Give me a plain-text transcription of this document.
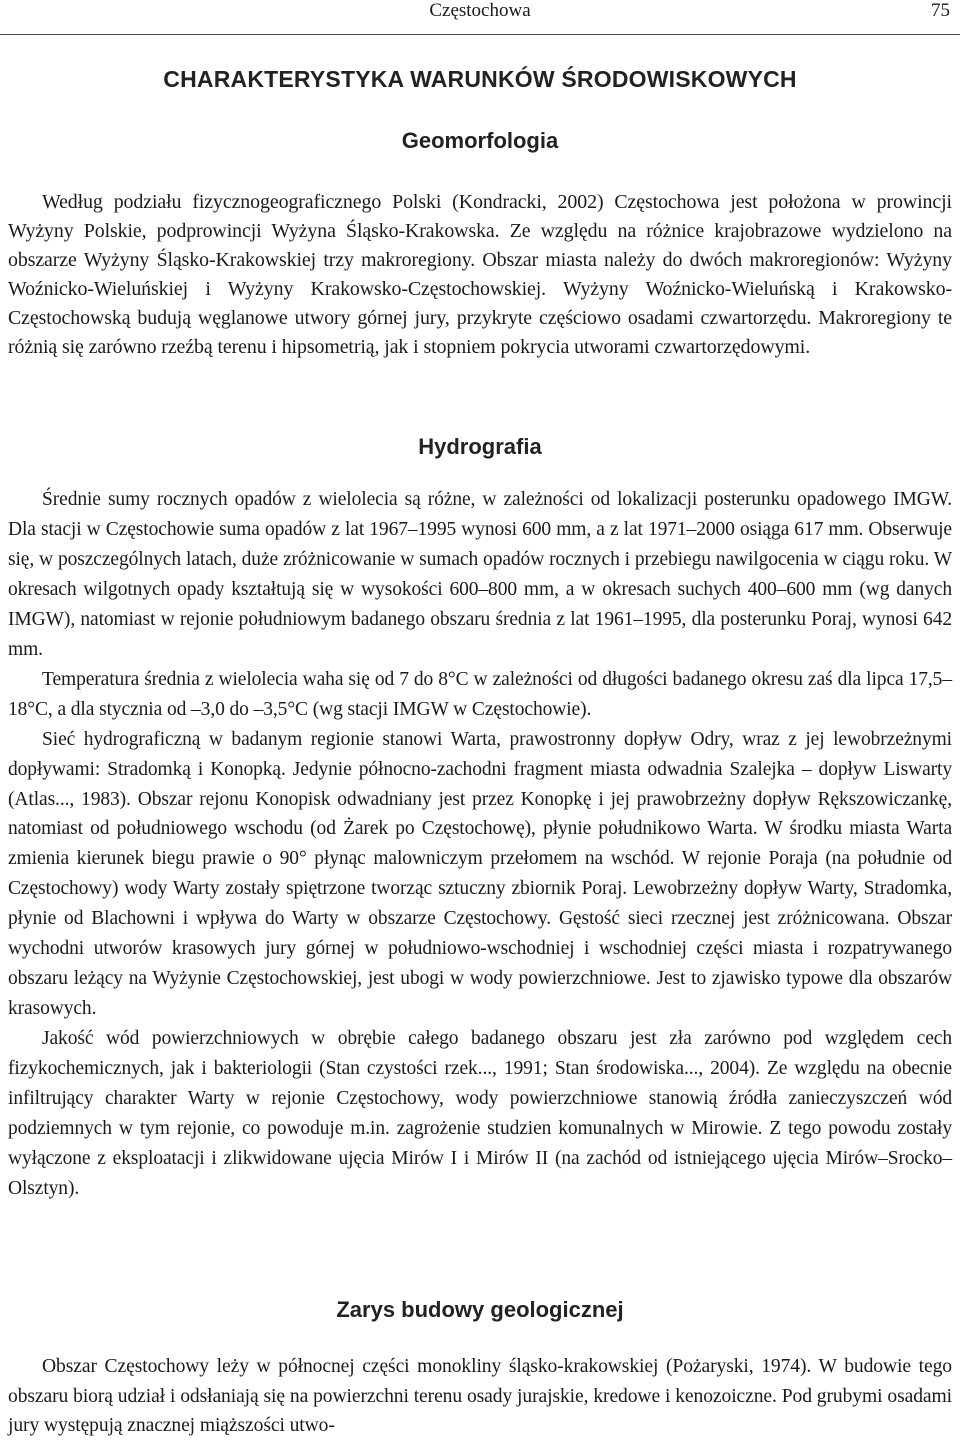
Częstochowa	75
CHARAKTERYSTYKA WARUNKÓW ŚRODOWISKOWYCH
Geomorfologia

Według podziału fizycznogeograficznego Polski (Kondracki, 2002) Częstochowa jest położona w prowincji Wyżyny Polskie, podprowincji Wyżyna Śląsko-Krakowska. Ze względu na różnice krajobrazowe wydzielono na obszarze Wyżyny Śląsko-Krakowskiej trzy makroregiony. Obszar miasta należy do dwóch makroregionów: Wyżyny Woźnicko-Wieluńskiej i Wyżyny Krakowsko-Częstochowskiej. Wyżyny Woźnicko-Wieluńską i Krakowsko-Częstochowską budują węglanowe utwory górnej jury, przykryte częściowo osadami czwartorzędu. Makroregiony te różnią się zarówno rzeźbą terenu i hipsometrią, jak i stopniem pokrycia utworami czwartorzędowymi.

Hydrografia

Średnie sumy rocznych opadów z wielolecia są różne, w zależności od lokalizacji posterunku opadowego IMGW. Dla stacji w Częstochowie suma opadów z lat 1967–1995 wynosi 600 mm, a z lat 1971–2000 osiąga 617 mm. Obserwuje się, w poszczególnych latach, duże zróżnicowanie w sumach opadów rocznych i przebiegu nawilgocenia w ciągu roku. W okresach wilgotnych opady kształtują się w wysokości 600–800 mm, a w okresach suchych 400–600 mm (wg danych IMGW), natomiast w rejonie południowym badanego obszaru średnia z lat 1961–1995, dla posterunku Poraj, wynosi 642 mm.

Temperatura średnia z wielolecia waha się od 7 do 8°C w zależności od długości badanego okresu zaś dla lipca 17,5–18°C, a dla stycznia od –3,0 do –3,5°C (wg stacji IMGW w Częstochowie).

Sieć hydrograficzną w badanym regionie stanowi Warta, prawostronny dopływ Odry, wraz z jej lewobrzeżnymi dopływami: Stradomką i Konopką. Jedynie północno-zachodni fragment miasta odwadnia Szalejka – dopływ Liswarty (Atlas..., 1983). Obszar rejonu Konopisk odwadniany jest przez Konopkę i jej prawobrzeżny dopływ Rększowiczankę, natomiast od południowego wschodu (od Żarek po Częstochowę), płynie południkowo Warta. W środku miasta Warta zmienia kierunek biegu prawie o 90° płynąc malowniczym przełomem na wschód. W rejonie Poraja (na południe od Częstochowy) wody Warty zostały spiętrzone tworząc sztuczny zbiornik Poraj. Lewobrzeżny dopływ Warty, Stradomka, płynie od Blachowni i wpływa do Warty w obszarze Częstochowy. Gęstość sieci rzecznej jest zróżnicowana. Obszar wychodni utworów krasowych jury górnej w południowo-wschodniej i wschodniej części miasta i rozpatrywanego obszaru leżący na Wyżynie Częstochowskiej, jest ubogi w wody powierzchniowe. Jest to zjawisko typowe dla obszarów krasowych.

Jakość wód powierzchniowych w obrębie całego badanego obszaru jest zła zarówno pod względem cech fizykochemicznych, jak i bakteriologii (Stan czystości rzek..., 1991; Stan środowiska..., 2004). Ze względu na obecnie infiltrujący charakter Warty w rejonie Częstochowy, wody powierzchniowe stanowią źródła zanieczyszczeń wód podziemnych w tym rejonie, co powoduje m.in. zagrożenie studzien komunalnych w Mirowie. Z tego powodu zostały wyłączone z eksploatacji i zlikwidowane ujęcia Mirów I i Mirów II (na zachód od istniejącego ujęcia Mirów–Srocko–Olsztyn).

Zarys budowy geologicznej

Obszar Częstochowy leży w północnej części monokliny śląsko-krakowskiej (Pożaryski, 1974). W budowie tego obszaru biorą udział i odsłaniają się na powierzchni terenu osady jurajskie, kredowe i kenozoiczne. Pod grubymi osadami jury występują znacznej miąższości utwo-
